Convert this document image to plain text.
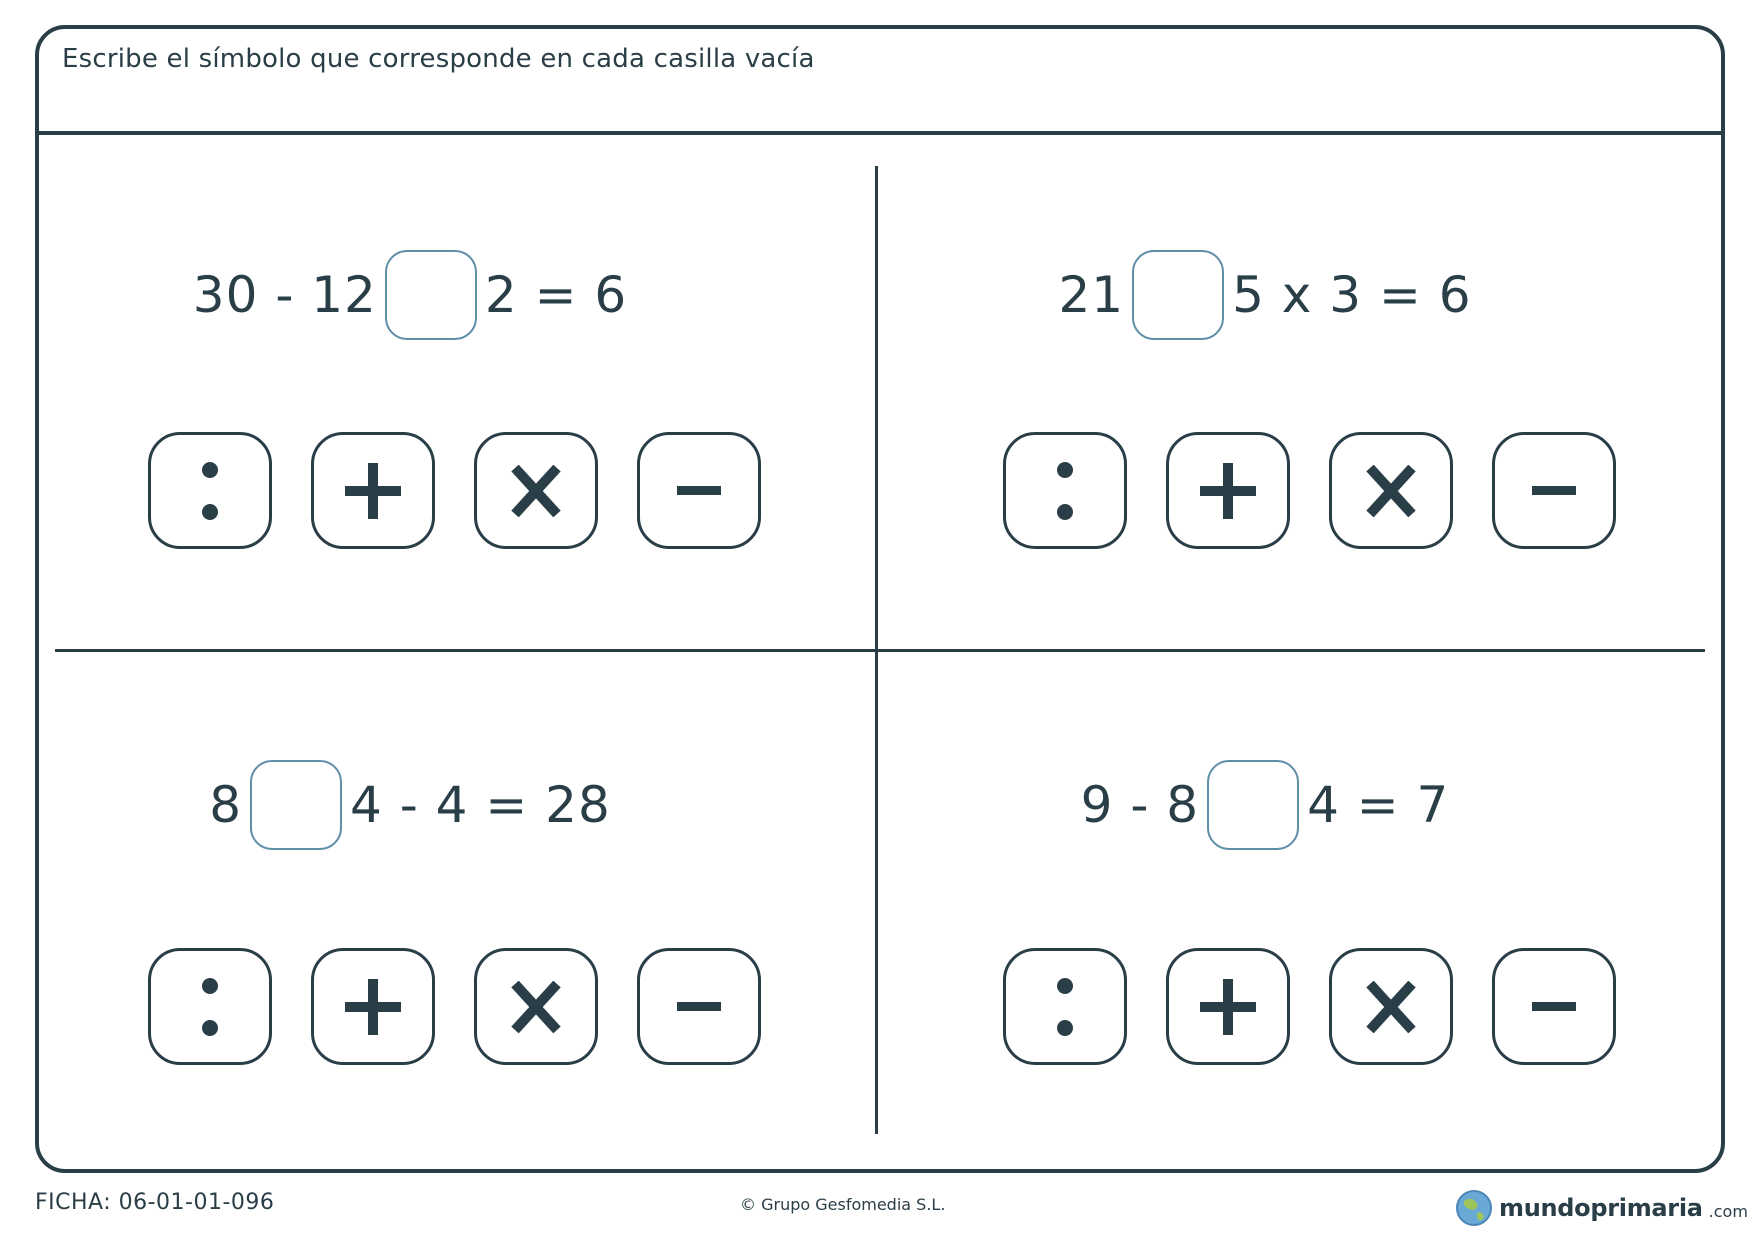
Escribe el símbolo que corresponde en cada casilla vacía
30 - 12 2 = 6	21 5 x 3 = 6
8 4 - 4 = 28	9 - 8 4 = 7
FICHA: 06-01-01-096	© Grupo Gesfomedia S.L.	mundoprimaria .com
